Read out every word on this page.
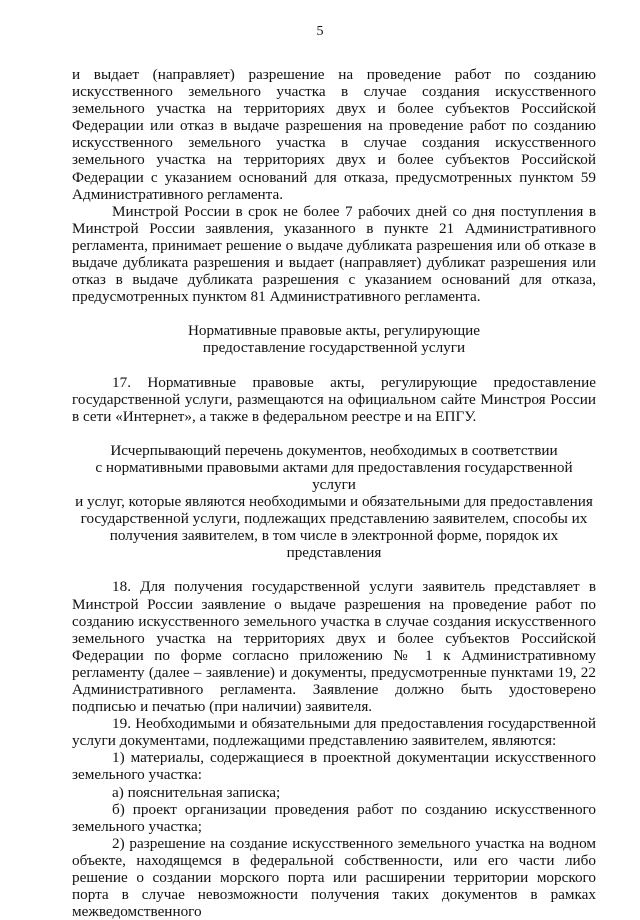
5

и выдает (направляет) разрешение на проведение работ по созданию искусственного земельного участка в случае создания искусственного земельного участка на территориях двух и более субъектов Российской Федерации или отказ в выдаче разрешения на проведение работ по созданию искусственного земельного участка в случае создания искусственного земельного участка на территориях двух и более субъектов Российской Федерации с указанием оснований для отказа, предусмотренных пунктом 59 Административного регламента.

Минстрой России в срок не более 7 рабочих дней со дня поступления в Минстрой России заявления, указанного в пункте 21 Административного регламента, принимает решение о выдаче дубликата разрешения или об отказе в выдаче дубликата разрешения и выдает (направляет) дубликат разрешения или отказ в выдаче дубликата разрешения с указанием оснований для отказа, предусмотренных пунктом 81 Административного регламента.

Нормативные правовые акты, регулирующие

предоставление государственной услуги

17. Нормативные правовые акты, регулирующие предоставление государственной услуги, размещаются на официальном сайте Минстроя России в сети «Интернет», а также в федеральном реестре и на ЕПГУ.

Исчерпывающий перечень документов, необходимых в соответствии

с нормативными правовыми актами для предоставления государственной услуги

и услуг, которые являются необходимыми и обязательными для предоставления

государственной услуги, подлежащих представлению заявителем, способы их

получения заявителем, в том числе в электронной форме, порядок их представления

18. Для получения государственной услуги заявитель представляет в Минстрой России заявление о выдаче разрешения на проведение работ по созданию искусственного земельного участка в случае создания искусственного земельного участка на территориях двух и более субъектов Российской Федерации по форме согласно приложению № 1 к Административному регламенту (далее – заявление) и документы, предусмотренные пунктами 19, 22 Административного регламента. Заявление должно быть удостоверено подписью и печатью (при наличии) заявителя.

19. Необходимыми и обязательными для предоставления государственной услуги документами, подлежащими представлению заявителем, являются:

1) материалы, содержащиеся в проектной документации искусственного земельного участка:

а) пояснительная записка;

б) проект организации проведения работ по созданию искусственного земельного участка;

2) разрешение на создание искусственного земельного участка на водном объекте, находящемся в федеральной собственности, или его части либо решение о создании морского порта или расширении территории морского порта в случае невозможности получения таких документов в рамках межведомственного
